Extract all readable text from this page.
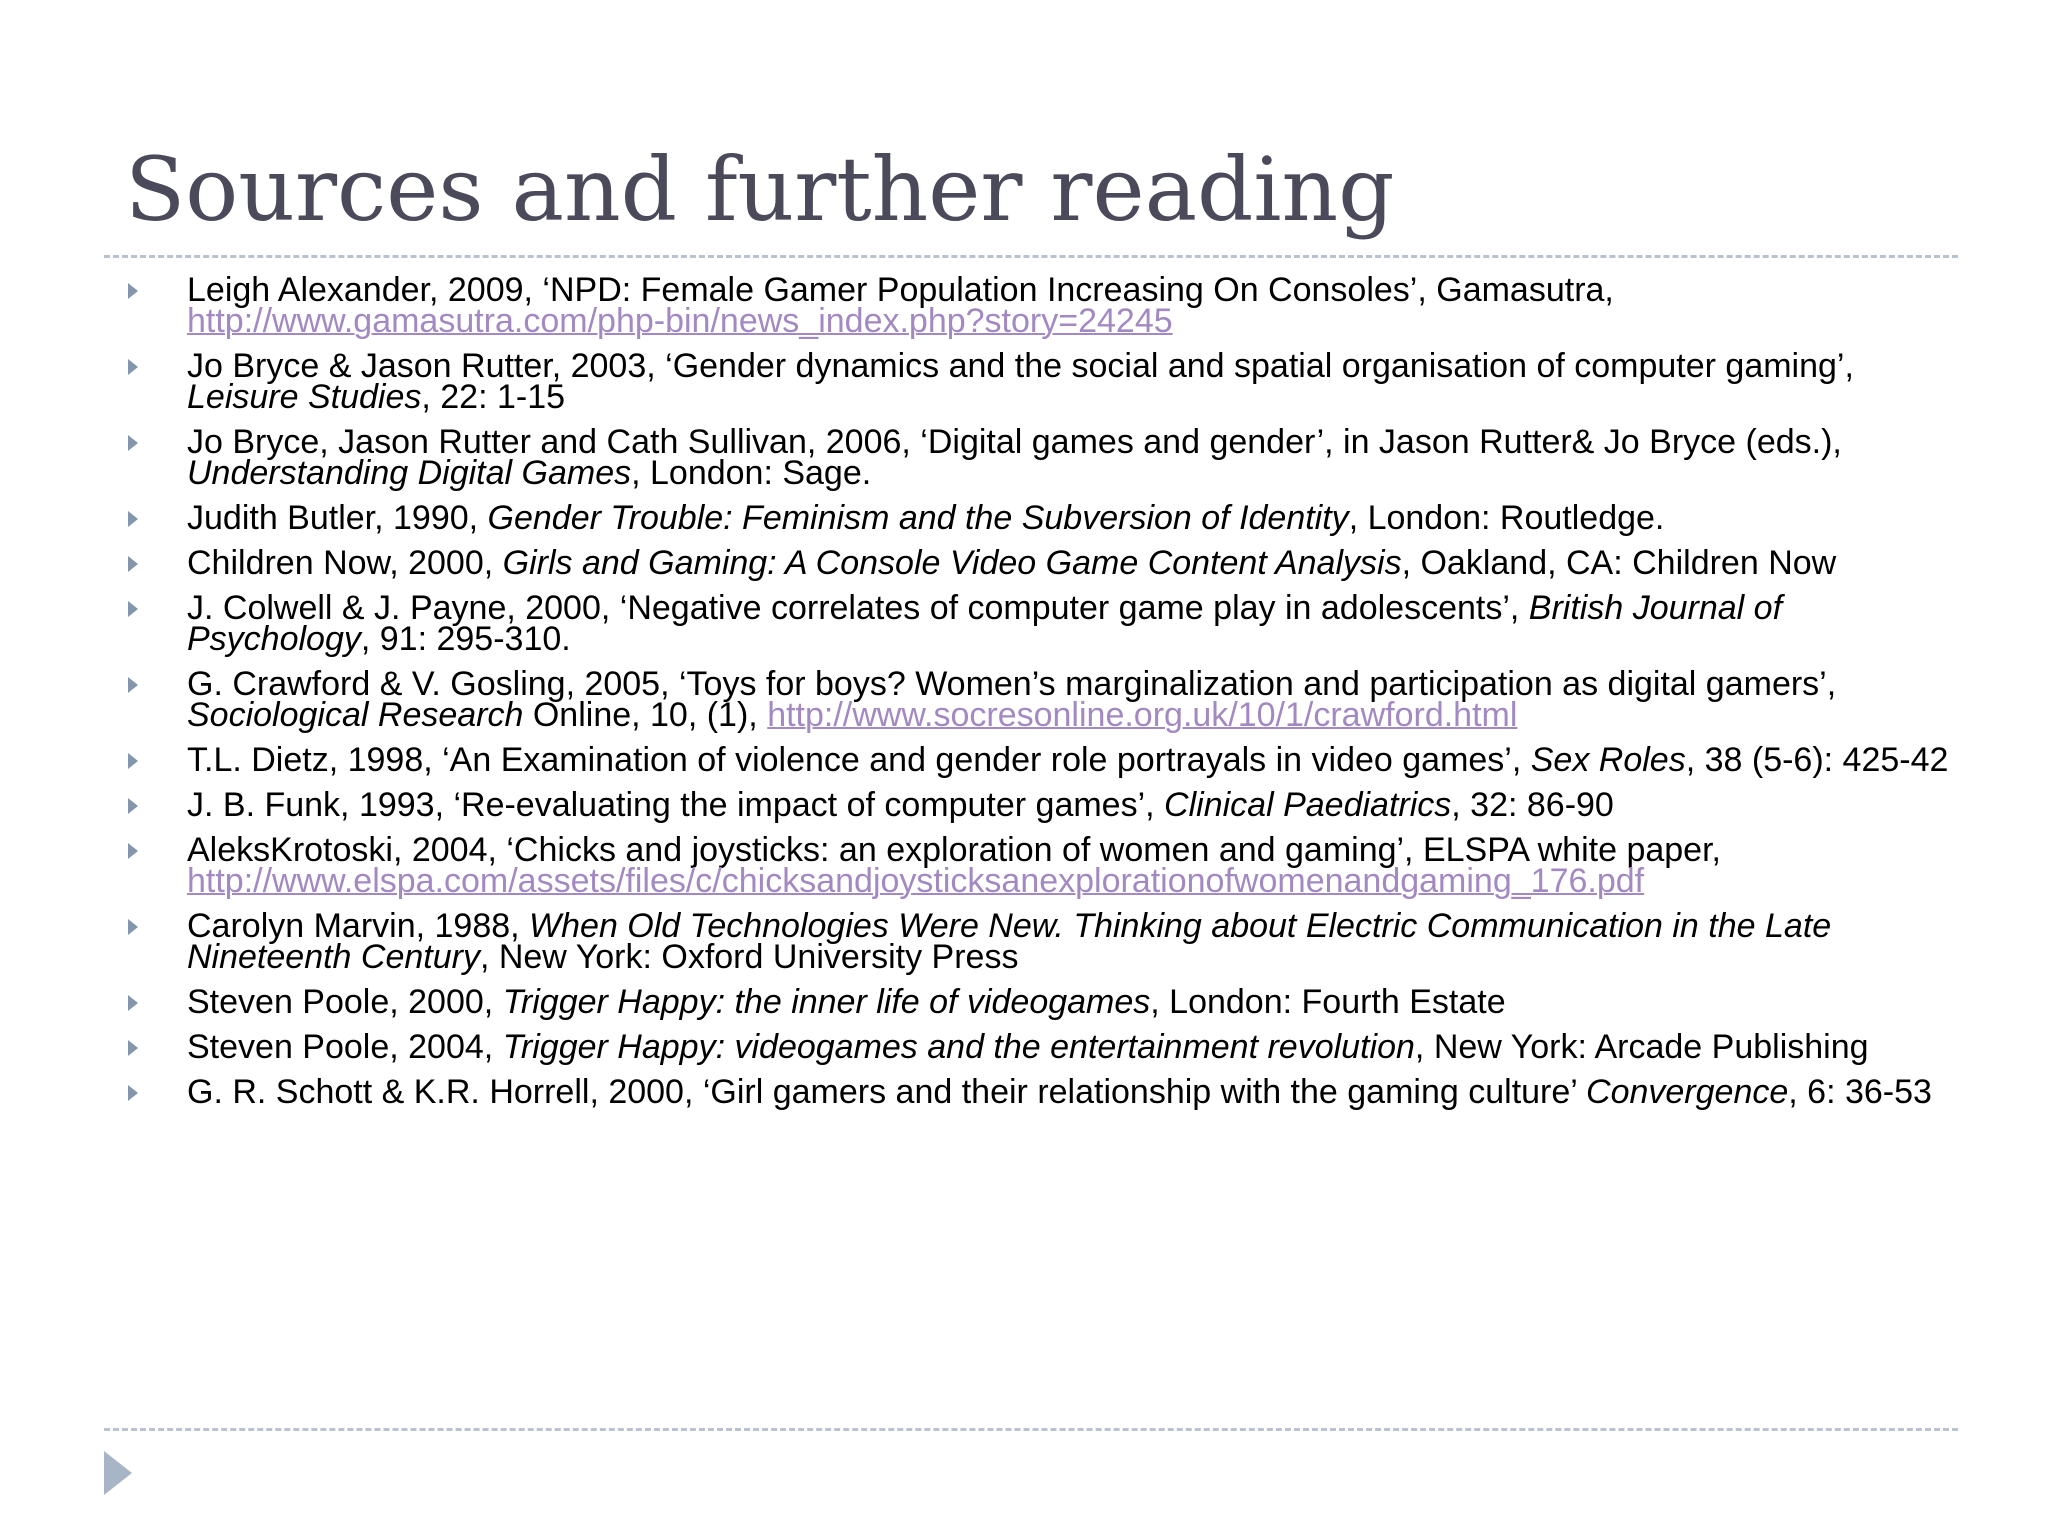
Sources and further reading
Leigh Alexander, 2009, ‘NPD: Female Gamer Population Increasing On Consoles’, Gamasutra, http://www.gamasutra.com/php-bin/news_index.php?story=24245
Jo Bryce & Jason Rutter, 2003, ‘Gender dynamics and the social and spatial organisation of computer gaming’, Leisure Studies, 22: 1-15
Jo Bryce, Jason Rutter and Cath Sullivan, 2006, ‘Digital games and gender’, in Jason Rutter& Jo Bryce (eds.), Understanding Digital Games, London: Sage.
Judith Butler, 1990, Gender Trouble: Feminism and the Subversion of Identity, London: Routledge.
Children Now, 2000, Girls and Gaming: A Console Video Game Content Analysis, Oakland, CA: Children Now
J. Colwell & J. Payne, 2000, ‘Negative correlates of computer game play in adolescents’, British Journal of Psychology, 91: 295-310.
G. Crawford & V. Gosling, 2005, ‘Toys for boys? Women’s marginalization and participation as digital gamers’, Sociological Research Online, 10, (1), http://www.socresonline.org.uk/10/1/crawford.html
T.L. Dietz, 1998, ‘An Examination of violence and gender role portrayals in video games’, Sex Roles, 38 (5-6): 425-42
J. B. Funk, 1993, ‘Re-evaluating the impact of computer games’, Clinical Paediatrics, 32: 86-90
AleksKrotoski, 2004, ‘Chicks and joysticks: an exploration of women and gaming’, ELSPA white paper, http://www.elspa.com/assets/files/c/chicksandjoysticksanexplorationofwomenandgaming_176.pdf
Carolyn Marvin, 1988, When Old Technologies Were New. Thinking about Electric Communication in the Late Nineteenth Century, New York: Oxford University Press
Steven Poole, 2000, Trigger Happy: the inner life of videogames, London: Fourth Estate
Steven Poole, 2004, Trigger Happy: videogames and the entertainment revolution, New York: Arcade Publishing
G. R. Schott & K.R. Horrell, 2000, ‘Girl gamers and their relationship with the gaming culture’ Convergence, 6: 36-53
